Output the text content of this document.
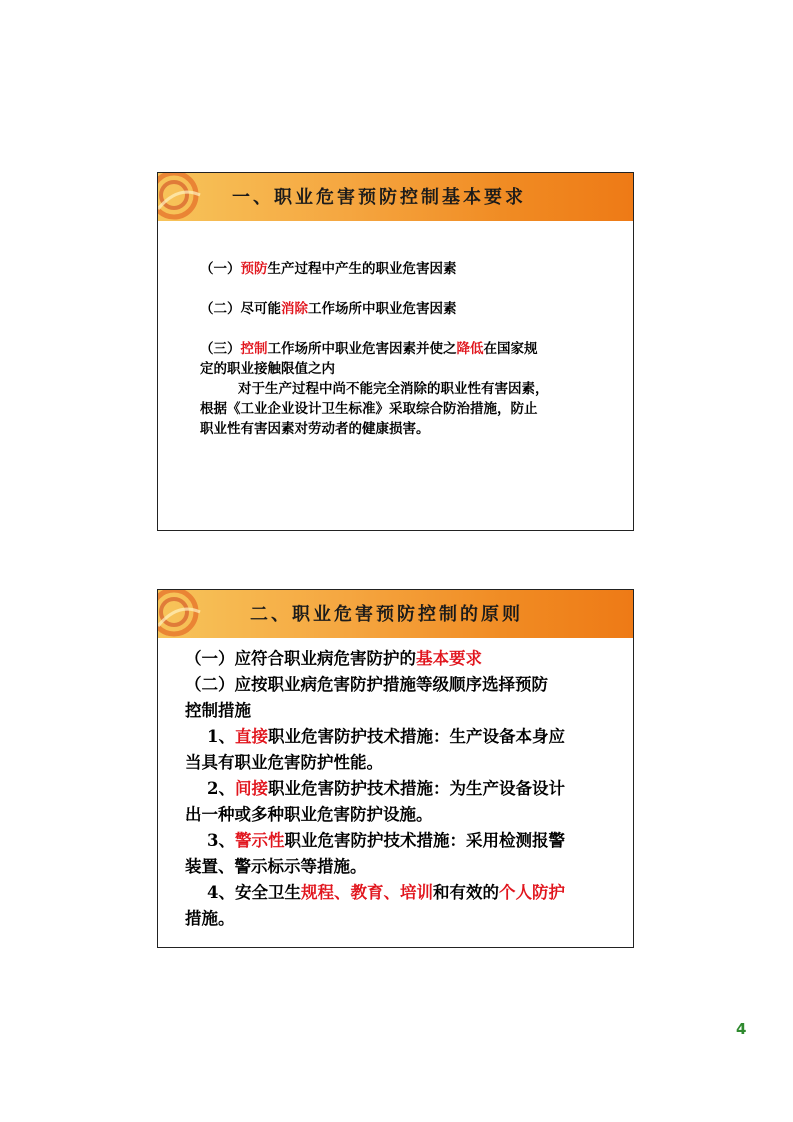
一、职业危害预防控制基本要求
（一）预防生产过程中产生的职业危害因素
（二）尽可能消除工作场所中职业危害因素
（三）控制工作场所中职业危害因素并使之降低在国家规
定的职业接触限值之内
对于生产过程中尚不能完全消除的职业性有害因素，
根据《工业企业设计卫生标准》采取综合防治措施，防止
职业性有害因素对劳动者的健康损害。
二、职业危害预防控制的原则
（一）应符合职业病危害防护的基本要求
（二）应按职业病危害防护措施等级顺序选择预防
控制措施
1、直接职业危害防护技术措施：生产设备本身应
当具有职业危害防护性能。
2、间接职业危害防护技术措施：为生产设备设计
出一种或多种职业危害防护设施。
3、警示性职业危害防护技术措施：采用检测报警
装置、警示标示等措施。
4、安全卫生规程、教育、培训和有效的个人防护
措施。
4
